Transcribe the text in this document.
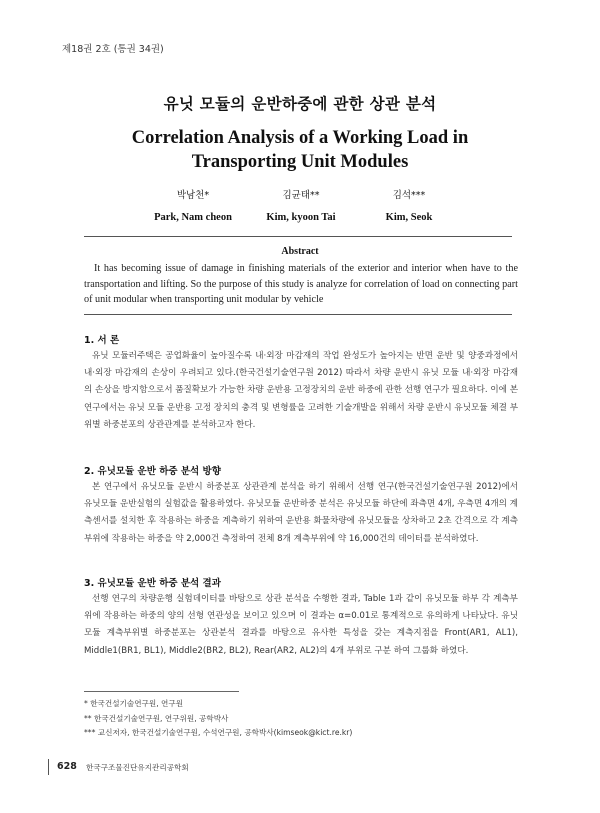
제18권 2호 (통권 34권)
유닛 모듈의 운반하중에 관한 상관 분석
Correlation Analysis of a Working Load in
Transporting Unit Modules
박남천*
Park, Nam cheon
김균태**
Kim, kyoon Tai
김석***
Kim, Seok
Abstract

It has becoming issue of damage in finishing materials of the exterior and interior when have to the transportation and lifting. So the purpose of this study is analyze for correlation of load on connecting part of unit modular when transporting unit modular by vehicle

1. 서 론

유닛 모듈러주택은 공업화율이 높아질수록 내·외장 마감재의 작업 완성도가 높아지는 반면 운반 및 양중과정에서 내·외장 마감재의 손상이 우려되고 있다.(한국건설기술연구원 2012) 따라서 차량 운반시 유닛 모듈 내·외장 마감재의 손상을 방지함으로서 품질확보가 가능한 차량 운반용 고정장치의 운반 하중에 관한 선행 연구가 필요하다. 이에 본 연구에서는 유닛 모듈 운반용 고정 장치의 충격 및 변형률을 고려한 기술개발을 위해서 차량 운반시 유닛모듈 체결 부위별 하중분포의 상관관계를 분석하고자 한다.

2. 유닛모듈 운반 하중 분석 방향

본 연구에서 유닛모듈 운반시 하중분포 상관관계 분석을 하기 위해서 선행 연구(한국건설기술연구원 2012)에서 유닛모듈 운반실험의 실험값을 활용하였다. 유닛모듈 운반하중 분석은 유닛모듈 하단에 좌측면 4개, 우측면 4개의 계측센서를 설치한 후 작용하는 하중을 계측하기 위하여 운반용 화물차량에 유닛모듈을 상차하고 2초 간격으로 각 계측부위에 작용하는 하중을 약 2,000건 측정하여 전체 8개 계측부위에 약 16,000건의 데이터를 분석하였다.

3. 유닛모듈 운반 하중 분석 결과

선행 연구의 차량운행 실험데이터를 바탕으로 상관 분석을 수행한 결과, Table 1과 같이 유닛모듈 하부 각 계측부위에 작용하는 하중의 양의 선형 연관성을 보이고 있으며 이 결과는 α=0.01로 통계적으로 유의하게 나타났다. 유닛모듈 계측부위별 하중분포는 상관분석 결과를 바탕으로 유사한 특성을 갖는 계측지점을 Front(AR1, AL1), Middle1(BR1, BL1), Middle2(BR2, BL2), Rear(AR2, AL2)의 4개 부위로 구분 하여 그룹화 하였다.

* 한국건설기술연구원, 연구원
** 한국건설기술연구원, 연구위원, 공학박사
*** 교신저자, 한국건설기술연구원, 수석연구원, 공학박사(kimseok@kict.re.kr)
628 한국구조물진단유지관리공학회
